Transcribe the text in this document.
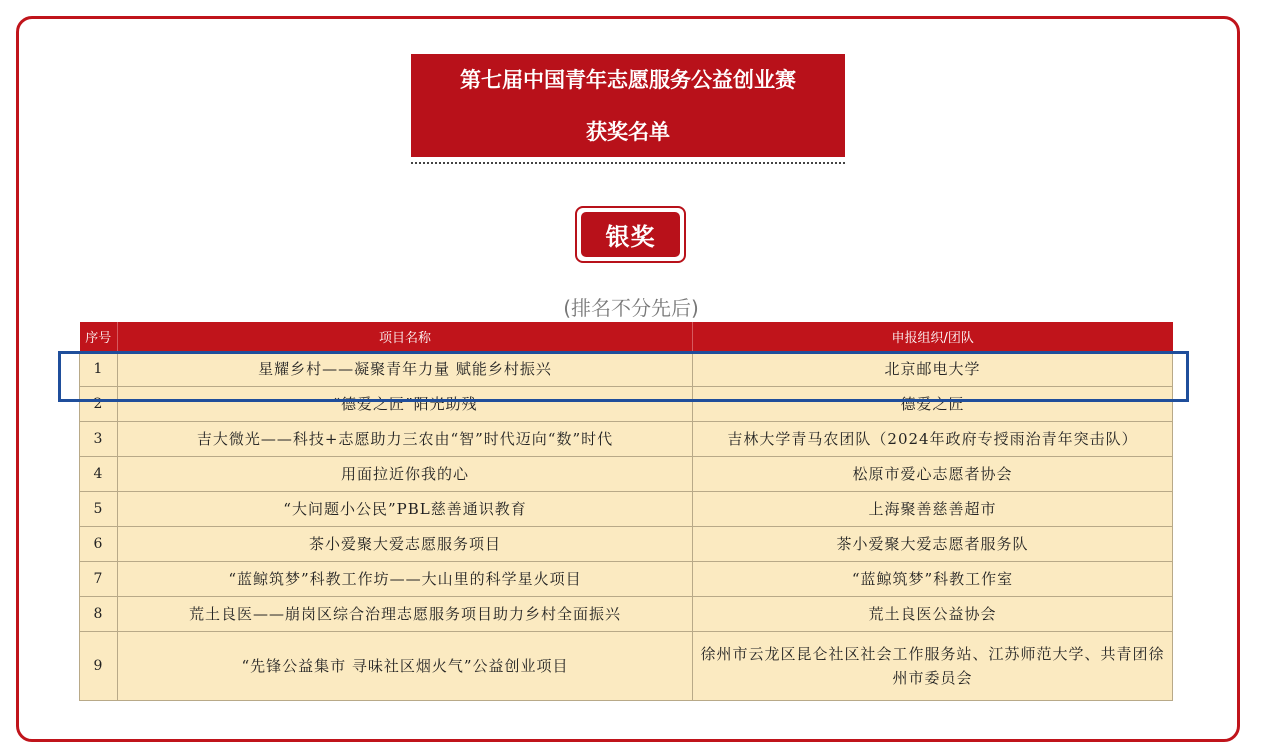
第七届中国青年志愿服务公益创业赛
获奖名单
银奖
(排名不分先后)
序号	项目名称	申报组织/团队
1	星耀乡村——凝聚青年力量 赋能乡村振兴	北京邮电大学
2	“德爱之匠”阳光助残	德爱之匠
3	吉大微光——科技+志愿助力三农由“智”时代迈向“数”时代	吉林大学青马农团队（2024年政府专授雨治青年突击队）
4	用面拉近你我的心	松原市爱心志愿者协会
5	“大问题小公民”PBL慈善通识教育	上海聚善慈善超市
6	茶小爱聚大爱志愿服务项目	茶小爱聚大爱志愿者服务队
7	“蓝鲸筑梦”科教工作坊——大山里的科学星火项目	“蓝鲸筑梦”科教工作室
8	荒土良医——崩岗区综合治理志愿服务项目助力乡村全面振兴	荒土良医公益协会
9	“先锋公益集市 寻味社区烟火气”公益创业项目	徐州市云龙区昆仑社区社会工作服务站、江苏师范大学、共青团徐州市委员会
